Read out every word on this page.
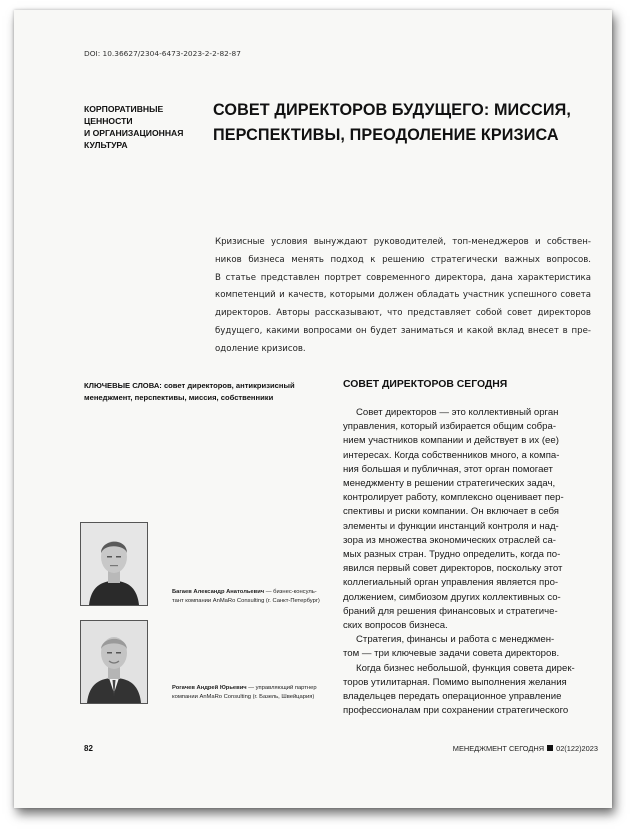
DOI: 10.36627/2304-6473-2023-2-2-82-87
КОРПОРАТИВНЫЕ
ЦЕННОСТИ
И ОРГАНИЗАЦИОННАЯ
КУЛЬТУРА
СОВЕТ ДИРЕКТОРОВ БУДУЩЕГО: МИССИЯ,
ПЕРСПЕКТИВЫ, ПРЕОДОЛЕНИЕ КРИЗИСА
Кризисные условия вынуждают руководителей, топ-менеджеров и собствен-
ников бизнеса менять подход к решению стратегически важных вопросов.
В статье представлен портрет современного директора, дана характеристика
компетенций и качеств, которыми должен обладать участник успешного совета
директоров. Авторы рассказывают, что представляет собой совет директоров
будущего, какими вопросами он будет заниматься и какой вклад внесет в пре-
одоление кризисов.
КЛЮЧЕВЫЕ СЛОВА: совет директоров, антикризисный
менеджмент, перспективы, миссия, собственники
СОВЕТ ДИРЕКТОРОВ СЕГОДНЯ
Совет директоров — это коллективный орган
управления, который избирается общим собра-
нием участников компании и действует в их (ее)
интересах. Когда собственников много, а компа-
ния большая и публичная, этот орган помогает
менеджменту в решении стратегических задач,
контролирует работу, комплексно оценивает пер-
спективы и риски компании. Он включает в себя
элементы и функции инстанций контроля и над-
зора из множества экономических отраслей са-
мых разных стран. Трудно определить, когда по-
явился первый совет директоров, поскольку этот
коллегиальный орган управления является про-
должением, симбиозом других коллективных со-
браний для решения финансовых и стратегиче-
ских вопросов бизнеса.
Стратегия, финансы и работа с менеджмен-
том — три ключевые задачи совета директоров.
Когда бизнес небольшой, функция совета дирек-
торов утилитарная. Помимо выполнения желания
владельцев передать операционное управление
профессионалам при сохранении стратегического
Багаев Александр Анатольевич — бизнес-консуль-
тант компании AnMaRo Consulting (г. Санкт-Петербург)
Рогачев Андрей Юрьевич — управляющий партнер
компании AnMaRo Consulting (г. Базель, Швейцария)
82	МЕНЕДЖМЕНТ СЕГОДНЯ 02(122)2023
